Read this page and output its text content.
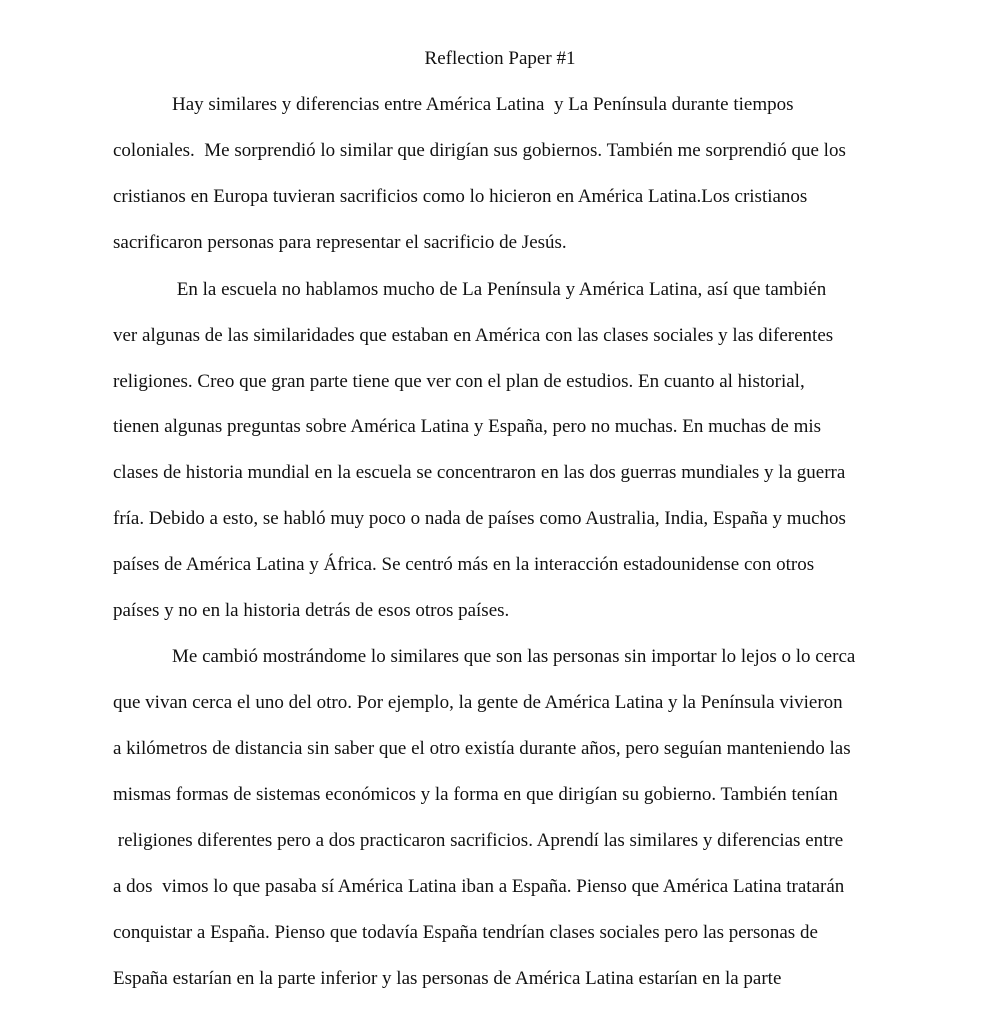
Reflection Paper #1
Hay similares y diferencias entre América Latina  y La Península durante tiempos
coloniales.  Me sorprendió lo similar que dirigían sus gobiernos. También me sorprendió que los
cristianos en Europa tuvieran sacrificios como lo hicieron en América Latina.Los cristianos
sacrificaron personas para representar el sacrificio de Jesús.
En la escuela no hablamos mucho de La Península y América Latina, así que también
ver algunas de las similaridades que estaban en América con las clases sociales y las diferentes
religiones. Creo que gran parte tiene que ver con el plan de estudios. En cuanto al historial,
tienen algunas preguntas sobre América Latina y España, pero no muchas. En muchas de mis
clases de historia mundial en la escuela se concentraron en las dos guerras mundiales y la guerra
fría. Debido a esto, se habló muy poco o nada de países como Australia, India, España y muchos
países de América Latina y África. Se centró más en la interacción estadounidense con otros
países y no en la historia detrás de esos otros países.
Me cambió mostrándome lo similares que son las personas sin importar lo lejos o lo cerca
que vivan cerca el uno del otro. Por ejemplo, la gente de América Latina y la Península vivieron
a kilómetros de distancia sin saber que el otro existía durante años, pero seguían manteniendo las
mismas formas de sistemas económicos y la forma en que dirigían su gobierno. También tenían
religiones diferentes pero a dos practicaron sacrificios. Aprendí las similares y diferencias entre
a dos  vimos lo que pasaba sí América Latina iban a España. Pienso que América Latina tratarán
conquistar a España. Pienso que todavía España tendrían clases sociales pero las personas de
España estarían en la parte inferior y las personas de América Latina estarían en la parte
